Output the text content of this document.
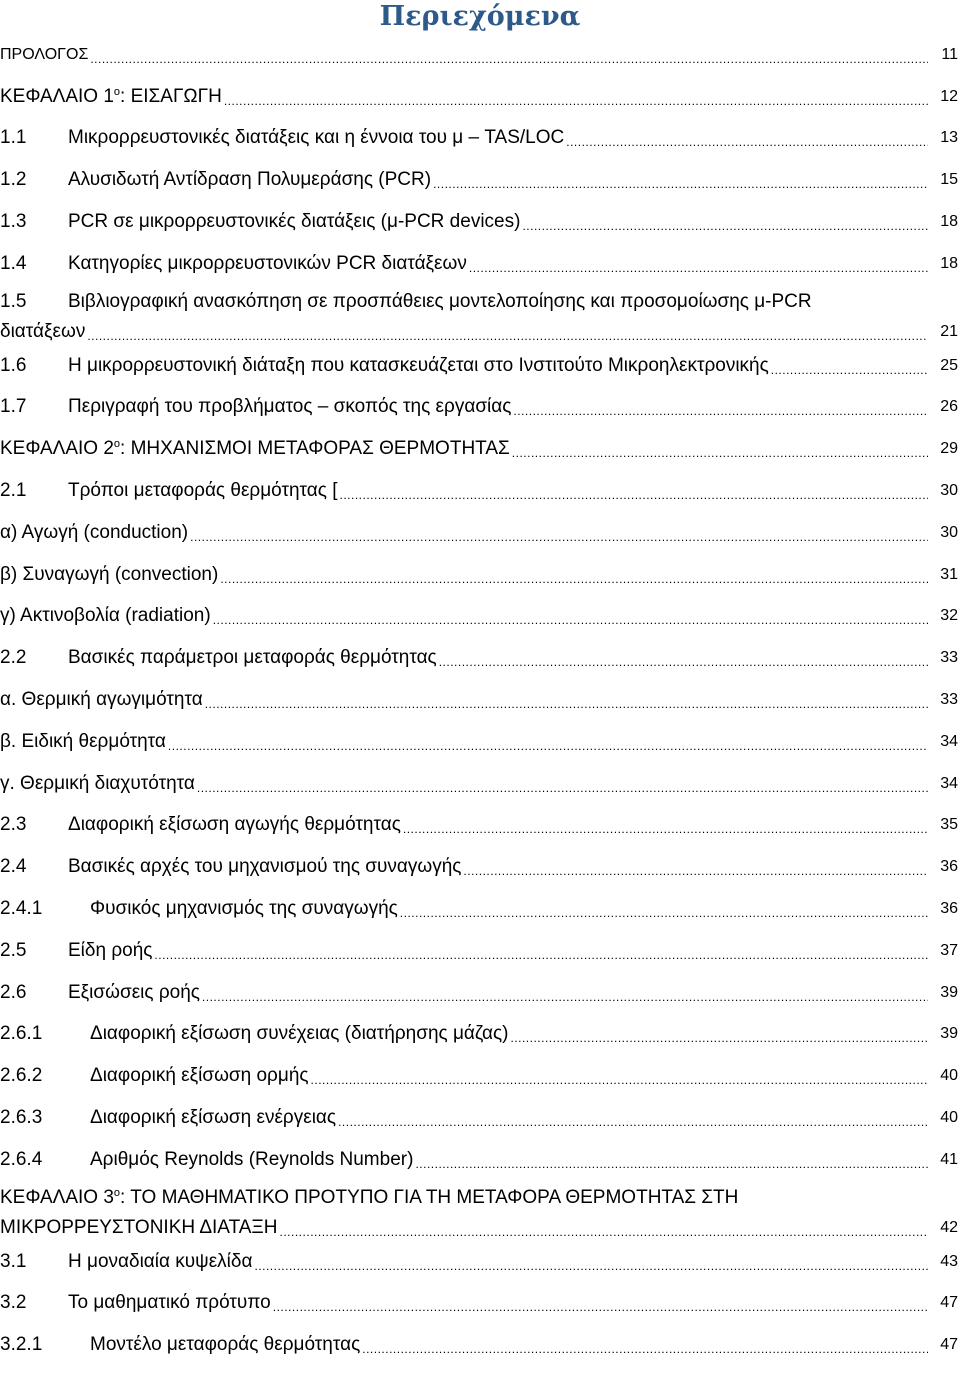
Περιεχόμενα
ΠΡΟΛΟΓΟΣ .....	11
ΚΕΦΑΛΑΙΟ $1^o$: ΕΙΣΑΓΩΓΗ .....	12
1.1	Μικρορρευστονικές διατάξεις και η έννοια του μ – TAS/LOC .....	13
1.2	Αλυσιδωτή Αντίδραση Πολυμεράσης (PCR) .....	15
1.3	PCR σε μικρορρευστονικές διατάξεις (μ-PCR devices) .....	18
1.4	Κατηγορίες μικρορρευστονικών PCR διατάξεων .....	18
1.5	Βιβλιογραφική ανασκόπηση σε προσπάθειες μοντελοποίησης και προσομοίωσης μ-PCR
διατάξεων .....	21
1.6	Η μικρορρευστονική διάταξη που κατασκευάζεται στο Ινστιτούτο Μικροηλεκτρονικής .....	25
1.7	Περιγραφή του προβλήματος – σκοπός της εργασίας .....	26
ΚΕΦΑΛΑΙΟ $2^o$: ΜΗΧΑΝΙΣΜΟΙ ΜΕΤΑΦΟΡΑΣ ΘΕΡΜΟΤΗΤΑΣ .....	29
2.1	Τρόποι μεταφοράς θερμότητας [ .....	30
α) Αγωγή (conduction) .....	30
β) Συναγωγή (convection) .....	31
γ) Ακτινοβολία (radiation) .....	32
2.2	Βασικές παράμετροι μεταφοράς θερμότητας .....	33
α. Θερμική αγωγιμότητα .....	33
β. Ειδική θερμότητα .....	34
γ. Θερμική διαχυτότητα .....	34
2.3	Διαφορική εξίσωση αγωγής θερμότητας .....	35
2.4	Βασικές αρχές του μηχανισμού της συναγωγής .....	36
2.4.1	Φυσικός μηχανισμός της συναγωγής .....	36
2.5	Είδη ροής .....	37
2.6	Εξισώσεις ροής .....	39
2.6.1	Διαφορική εξίσωση συνέχειας (διατήρησης μάζας) .....	39
2.6.2	Διαφορική εξίσωση ορμής .....	40
2.6.3	Διαφορική εξίσωση ενέργειας .....	40
2.6.4	Αριθμός Reynolds (Reynolds Number) .....	41
ΚΕΦΑΛΑΙΟ $3^o$: ΤΟ ΜΑΘΗΜΑΤΙΚΟ ΠΡΟΤΥΠΟ ΓΙΑ ΤΗ ΜΕΤΑΦΟΡΑ ΘΕΡΜΟΤΗΤΑΣ ΣΤΗ
ΜΙΚΡΟΡΡΕΥΣΤΟΝΙΚΗ ΔΙΑΤΑΞΗ .....	42
3.1	Η μοναδιαία κυψελίδα .....	43
3.2	Το μαθηματικό πρότυπο .....	47
3.2.1	Μοντέλο μεταφοράς θερμότητας .....	47
